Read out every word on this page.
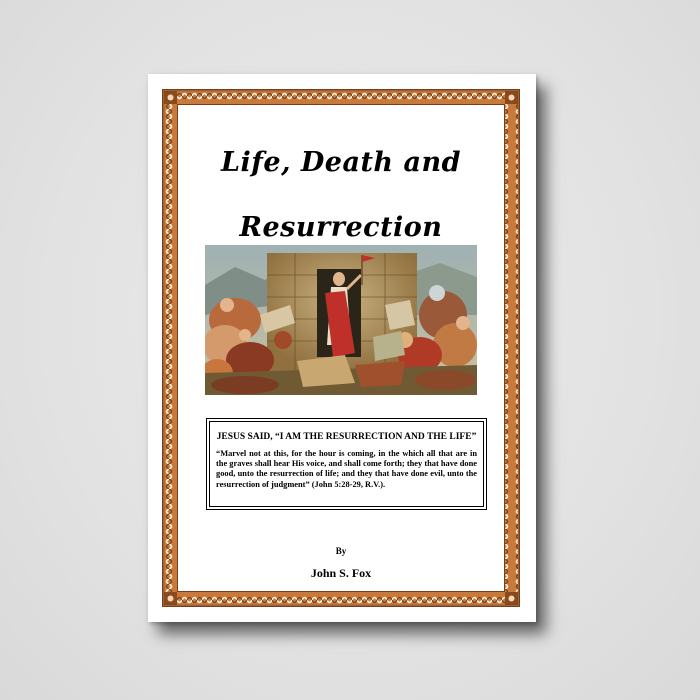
Life, Death and
Resurrection

JESUS SAID, “I AM THE RESURRECTION AND THE LIFE”

“Marvel not at this, for the hour is coming, in the which all that are in the graves shall hear His voice, and shall come forth; they that have done good, unto the resurrection of life; and they that have done evil, unto the resurrection of judgment” (John 5:28-29, R.V.).

By
John S. Fox
